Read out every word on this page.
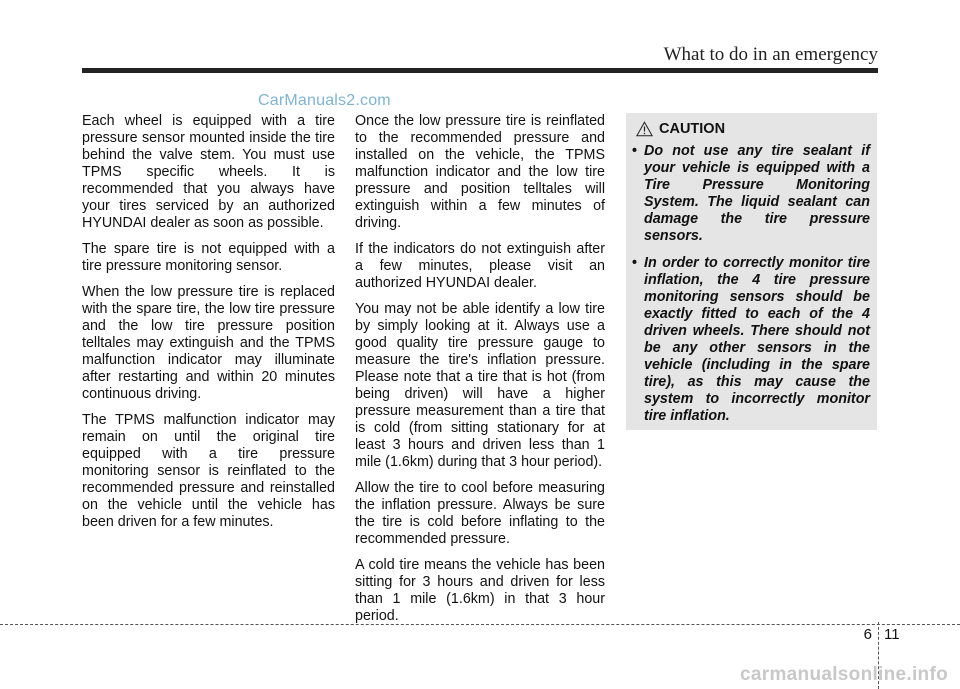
What to do in an emergency
CarManuals2.com

Each wheel is equipped with a tire pressure sensor mounted inside the tire behind the valve stem. You must use TPMS specific wheels. It is recommended that you always have your tires serviced by an authorized HYUNDAI dealer as soon as possible.

The spare tire is not equipped with a tire pressure monitoring sensor.

When the low pressure tire is replaced with the spare tire, the low tire pressure and the low tire pressure position telltales may extinguish and the TPMS malfunction indicator may illuminate after restarting and within 20 minutes continuous driving.

The TPMS malfunction indicator may remain on until the original tire equipped with a tire pressure monitoring sensor is reinflated to the recommended pressure and reinstalled on the vehicle until the vehicle has been driven for a few minutes.

Once the low pressure tire is reinflated to the recommended pressure and installed on the vehicle, the TPMS malfunction indicator and the low tire pressure and position telltales will extinguish within a few minutes of driving.

If the indicators do not extinguish after a few minutes, please visit an authorized HYUNDAI dealer.

You may not be able identify a low tire by simply looking at it. Always use a good quality tire pressure gauge to measure the tire's inflation pressure. Please note that a tire that is hot (from being driven) will have a higher pressure measurement than a tire that is cold (from sitting stationary for at least 3 hours and driven less than 1 mile (1.6km) during that 3 hour period).

Allow the tire to cool before measuring the inflation pressure. Always be sure the tire is cold before inflating to the recommended pressure.

A cold tire means the vehicle has been sitting for 3 hours and driven for less than 1 mile (1.6km) in that 3 hour period.

CAUTION
• Do not use any tire sealant if your vehicle is equipped with a Tire Pressure Monitoring System. The liquid sealant can damage the tire pressure sensors.
• In order to correctly monitor tire inflation, the 4 tire pressure monitoring sensors should be exactly fitted to each of the 4 driven wheels. There should not be any other sensors in the vehicle (including in the spare tire), as this may cause the system to incorrectly monitor tire inflation.
6 11
carmanualsonline.info
